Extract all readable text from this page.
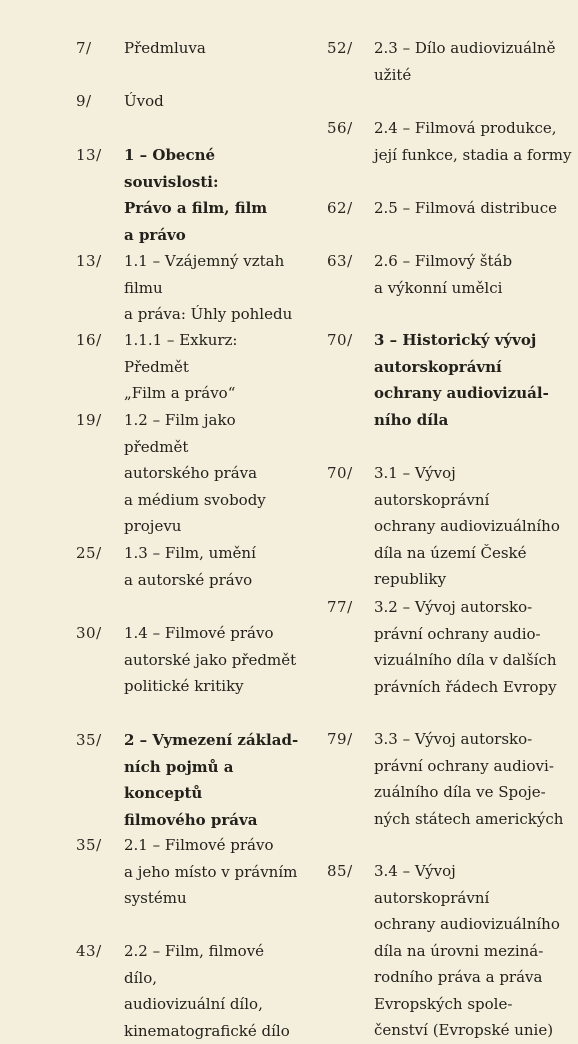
7/ Předmluva
9/ Úvod
13/ 1 – Obecné souvislosti:
Právo a film, film
a právo
13/ 1.1 – Vzájemný vztah filmu
a práva: Úhly pohledu
16/ 1.1.1 – Exkurz: Předmět
„Film a právo“
19/ 1.2 – Film jako předmět
autorského práva
a médium svobody
projevu
25/ 1.3 – Film, umění
a autorské právo
30/ 1.4 – Filmové právo
autorské jako předmět
politické kritiky
35/ 2 – Vymezení základ-
ních pojmů a konceptů
filmového práva
35/ 2.1 – Filmové právo
a jeho místo v právním
systému
43/ 2.2 – Film, filmové dílo,
audiovizuální dílo,
kinematografické dílo
52/ 2.3 – Dílo audiovizuálně
užité
56/ 2.4 – Filmová produkce,
její funkce, stadia a formy
62/ 2.5 – Filmová distribuce
63/ 2.6 – Filmový štáb
a výkonní umělci
70/ 3 – Historický vývoj
autorskoprávní
ochrany audiovizuál-
ního díla
70/ 3.1 – Vývoj autorskoprávní
ochrany audiovizuálního
díla na území České
republiky
77/ 3.2 – Vývoj autorsko-
právní ochrany audio-
vizuálního díla v dalších
právních řádech Evropy
79/ 3.3 – Vývoj autorsko-
právní ochrany audiovi-
zuálního díla ve Spoje-
ných státech amerických
85/ 3.4 – Vývoj autorskoprávní
ochrany audiovizuálního
díla na úrovni meziná-
rodního práva a práva
Evropských spole-
čenství (Evropské unie)
